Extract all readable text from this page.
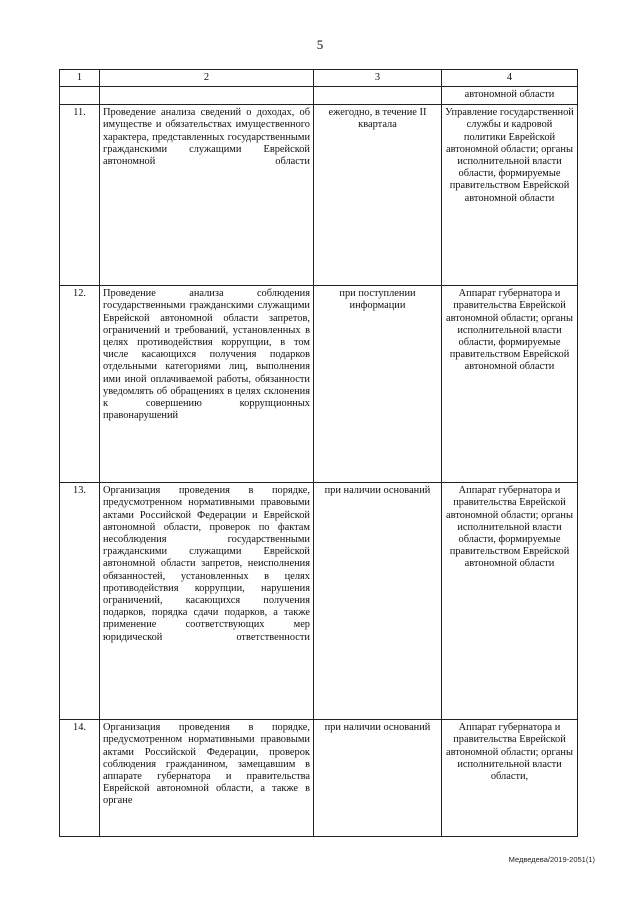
5
1	2	3	4
			автономной области
11.	Проведение анализа сведений о доходах, об имуществе и обязательствах имущественного характера, представленных государственными гражданскими служащими Еврейской автономной области	ежегодно, в течение II квартала	Управление государственной службы и кадровой политики Еврейской автономной области; органы исполнительной власти области, формируемые правительством Еврейской автономной области
12.	Проведение анализа соблюдения государственными гражданскими служащими Еврейской автономной области запретов, ограничений и требований, установленных в целях противодействия коррупции, в том числе касающихся получения подарков отдельными категориями лиц, выполнения ими иной оплачиваемой работы, обязанности уведомлять об обращениях в целях склонения к совершению коррупционных правонарушений	при поступлении информации	Аппарат губернатора и правительства Еврейской автономной области; органы исполнительной власти области, формируемые правительством Еврейской автономной области
13.	Организация проведения в порядке, предусмотренном нормативными правовыми актами Российской Федерации и Еврейской автономной области, проверок по фактам несоблюдения государственными гражданскими служащими Еврейской автономной области запретов, неисполнения обязанностей, установленных в целях противодействия коррупции, нарушения ограничений, касающихся получения подарков, порядка сдачи подарков, а также применение соответствующих мер юридической ответственности	при наличии оснований	Аппарат губернатора и правительства Еврейской автономной области; органы исполнительной власти области, формируемые правительством Еврейской автономной области
14.	Организация проведения в порядке, предусмотренном нормативными правовыми актами Российской Федерации, проверок соблюдения гражданином, замещавшим в аппарате губернатора и правительства Еврейской автономной области, а также в органе	при наличии оснований	Аппарат губернатора и правительства Еврейской автономной области; органы исполнительной власти области,
Медведева/2019-2051(1)
